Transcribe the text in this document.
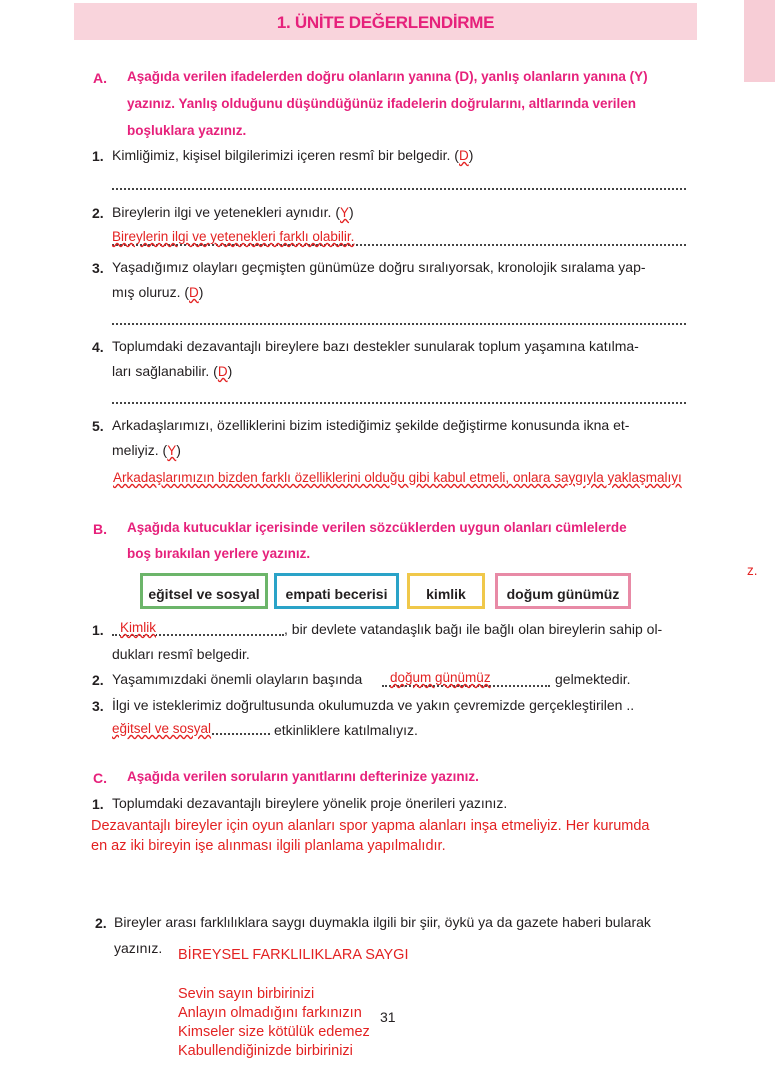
1. ÜNİTE DEĞERLENDİRME
A. Aşağıda verilen ifadelerden doğru olanların yanına (D), yanlış olanların yanına (Y)
yazınız. Yanlış olduğunu düşündüğünüz ifadelerin doğrularını, altlarında verilen
boşluklara yazınız.
1. Kimliğimiz, kişisel bilgilerimizi içeren resmî bir belgedir. (D)
2. Bireylerin ilgi ve yetenekleri aynıdır. (Y)
Bireylerin ilgi ve yetenekleri farklı olabilir.
3. Yaşadığımız olayları geçmişten günümüze doğru sıralıyorsak, kronolojik sıralama yap-
mış oluruz. (D)
4. Toplumdaki dezavantajlı bireylere bazı destekler sunularak toplum yaşamına katılma-
ları sağlanabilir. (D)
5. Arkadaşlarımızı, özelliklerini bizim istediğimiz şekilde değiştirme konusunda ikna et-
meliyiz. (Y)
Arkadaşlarımızın bizden farklı özelliklerini olduğu gibi kabul etmeli, onlara saygıyla yaklaşmalıyı
z.
B. Aşağıda kutucuklar içerisinde verilen sözcüklerden uygun olanları cümlelerde
boş bırakılan yerlere yazınız.
eğitsel ve sosyal	empati becerisi	kimlik	doğum günümüz
1. Kimlik	, bir devlete vatandaşlık bağı ile bağlı olan bireylerin sahip ol-
dukları resmî belgedir.
2. Yaşamımızdaki önemli olayların başında doğum günümüz	gelmektedir.
3. İlgi ve isteklerimiz doğrultusunda okulumuzda ve yakın çevremizde gerçekleştirilen ..
eğitsel ve sosyal	etkinliklere katılmalıyız.
C. Aşağıda verilen soruların yanıtlarını defterinize yazınız.
1. Toplumdaki dezavantajlı bireylere yönelik proje önerileri yazınız.
Dezavantajlı bireyler için oyun alanları spor yapma alanları inşa etmeliyiz. Her kurumda
en az iki bireyin işe alınması ilgili planlama yapılmalıdır.
2. Bireyler arası farklılıklara saygı duymakla ilgili bir şiir, öykü ya da gazete haberi bularak
yazınız. BİREYSEL FARKLILIKLARA SAYGI
Sevin sayın birbirinizi
Anlayın olmadığını farkınızın
Kimseler size kötülük edemez
Kabullendiğinizde birbirinizi
31
